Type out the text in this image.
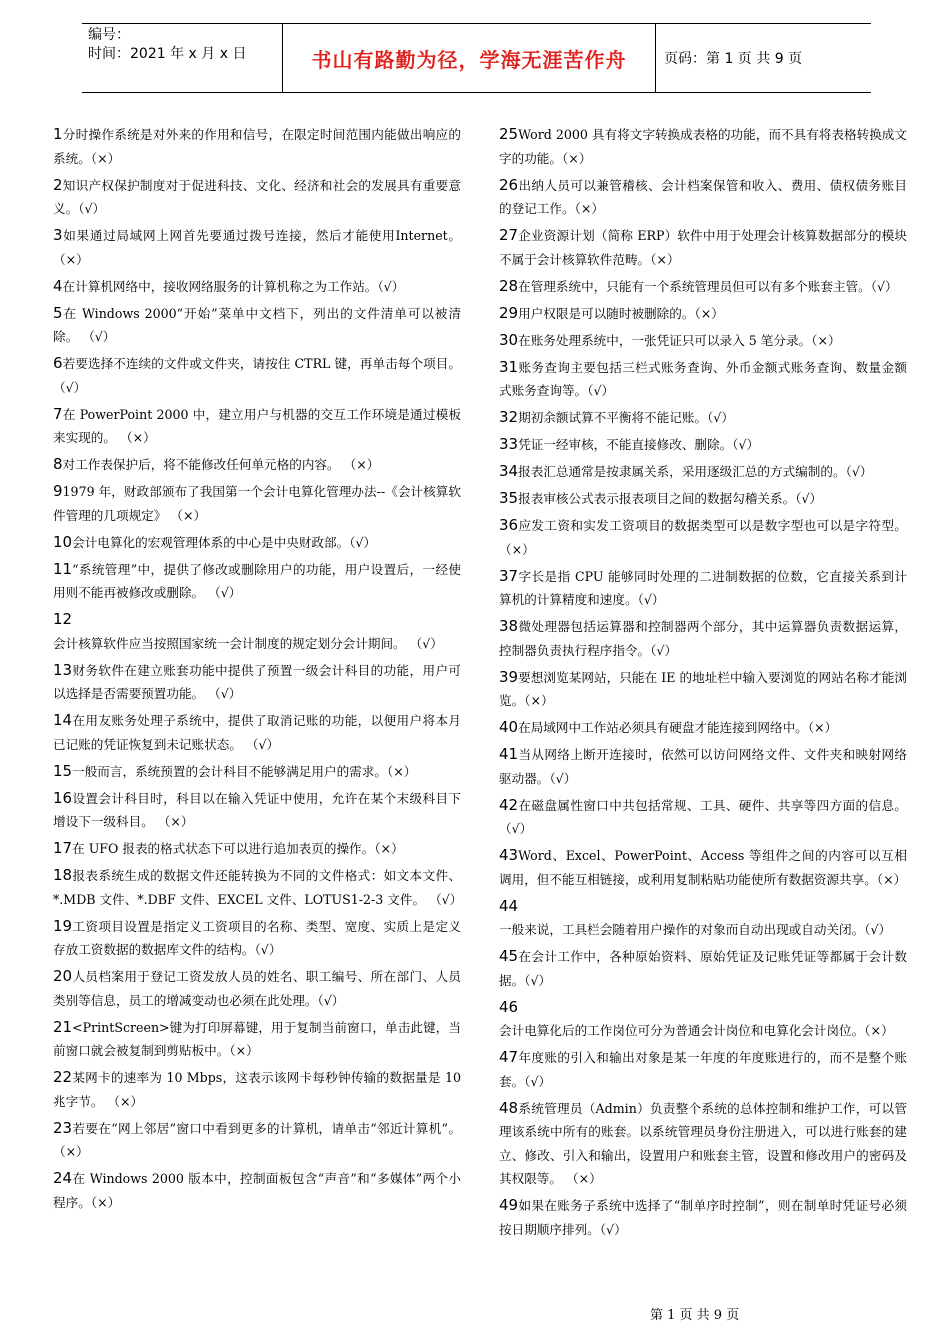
编号：
时间：2021 年 x 月 x 日	书山有路勤为径，学海无涯苦作舟	页码：第 1 页 共 9 页
1分时操作系统是对外来的作用和信号，在限定时间范围内能做出响应的系统。（×）
2知识产权保护制度对于促进科技、文化、经济和社会的发展具有重要意义。（√）
3如果通过局域网上网首先要通过拨号连接，然后才能使用Internet。 （×）
4在计算机网络中，接收网络服务的计算机称之为工作站。（√）
5在 Windows 2000“开始”菜单中文档下，列出的文件清单可以被清除。 （√）
6若要选择不连续的文件或文件夹，请按住 CTRL 键，再单击每个项目。 （√）
7在 PowerPoint 2000 中，建立用户与机器的交互工作环境是通过模板来实现的。 （×）
8对工作表保护后，将不能修改任何单元格的内容。 （×）
91979 年，财政部颁布了我国第一个会计电算化管理办法--《会计核算软件管理的几项规定》 （×）
10会计电算化的宏观管理体系的中心是中央财政部。（√）
11“系统管理”中，提供了修改或删除用户的功能，用户设置后，一经使用则不能再被修改或删除。 （√）
12会计核算软件应当按照国家统一会计制度的规定划分会计期间。 （√）
13财务软件在建立账套功能中提供了预置一级会计科目的功能，用户可以选择是否需要预置功能。 （√）
14在用友账务处理子系统中，提供了取消记账的功能，以便用户将本月已记账的凭证恢复到未记账状态。 （√）
15一般而言，系统预置的会计科目不能够满足用户的需求。（×）
16设置会计科目时，科目以在输入凭证中使用，允许在某个末级科目下增设下一级科目。 （×）
17在 UFO 报表的格式状态下可以进行追加表页的操作。（×）
18报表系统生成的数据文件还能转换为不同的文件格式：如文本文件、*.MDB 文件、*.DBF 文件、EXCEL 文件、LOTUS1-2-3 文件。 （√）
19工资项目设置是指定义工资项目的名称、类型、宽度、实质上是定义存放工资数据的数据库文件的结构。（√）
20人员档案用于登记工资发放人员的姓名、职工编号、所在部门、人员类别等信息，员工的增减变动也必须在此处理。（√）
21<PrintScreen>键为打印屏幕键，用于复制当前窗口，单击此键，当前窗口就会被复制到剪贴板中。（×）
22某网卡的速率为 10 Mbps，这表示该网卡每秒钟传输的数据量是 10 兆字节。 （×）
23若要在“网上邻居”窗口中看到更多的计算机，请单击“邻近计算机”。（×）
24在 Windows 2000 版本中，控制面板包含“声音”和“多媒体”两个小程序。（×）
25Word 2000 具有将文字转换成表格的功能，而不具有将表格转换成文字的功能。（×）
26出纳人员可以兼管稽核、会计档案保管和收入、费用、债权债务账目的登记工作。（×）
27企业资源计划（简称 ERP）软件中用于处理会计核算数据部分的模块不属于会计核算软件范畴。（×）
28在管理系统中，只能有一个系统管理员但可以有多个账套主管。（√）
29用户权限是可以随时被删除的。（×）
30在账务处理系统中，一张凭证只可以录入 5 笔分录。（×）
31账务查询主要包括三栏式账务查询、外币金额式账务查询、数量金额式账务查询等。（√）
32期初余额试算不平衡将不能记账。（√）
33凭证一经审核，不能直接修改、删除。（√）
34报表汇总通常是按隶属关系，采用逐级汇总的方式编制的。（√）
35报表审核公式表示报表项目之间的数据勾稽关系。（√）
36应发工资和实发工资项目的数据类型可以是数字型也可以是字符型。（×）
37字长是指 CPU 能够同时处理的二进制数据的位数，它直接关系到计算机的计算精度和速度。（√）
38微处理器包括运算器和控制器两个部分，其中运算器负责数据运算，控制器负责执行程序指令。（√）
39要想浏览某网站，只能在 IE 的地址栏中输入要浏览的网站名称才能浏览。（×）
40在局域网中工作站必须具有硬盘才能连接到网络中。（×）
41当从网络上断开连接时，依然可以访问网络文件、文件夹和映射网络驱动器。（√）
42在磁盘属性窗口中共包括常规、工具、硬件、共享等四方面的信息。（√）
43Word、Excel、PowerPoint、Access 等组件之间的内容可以互相调用，但不能互相链接，或利用复制粘贴功能使所有数据资源共享。（×）
44一般来说，工具栏会随着用户操作的对象而自动出现或自动关闭。（√）
45在会计工作中，各种原始资料、原始凭证及记账凭证等都属于会计数据。（√）
46会计电算化后的工作岗位可分为普通会计岗位和电算化会计岗位。（×）
47年度账的引入和输出对象是某一年度的年度账进行的，而不是整个账套。（√）
48系统管理员（Admin）负责整个系统的总体控制和维护工作，可以管理该系统中所有的账套。以系统管理员身份注册进入，可以进行账套的建立、修改、引入和输出，设置用户和账套主管，设置和修改用户的密码及其权限等。 （×）
49如果在账务子系统中选择了“制单序时控制”，则在制单时凭证号必须按日期顺序排列。（√）
第 1 页 共 9 页
